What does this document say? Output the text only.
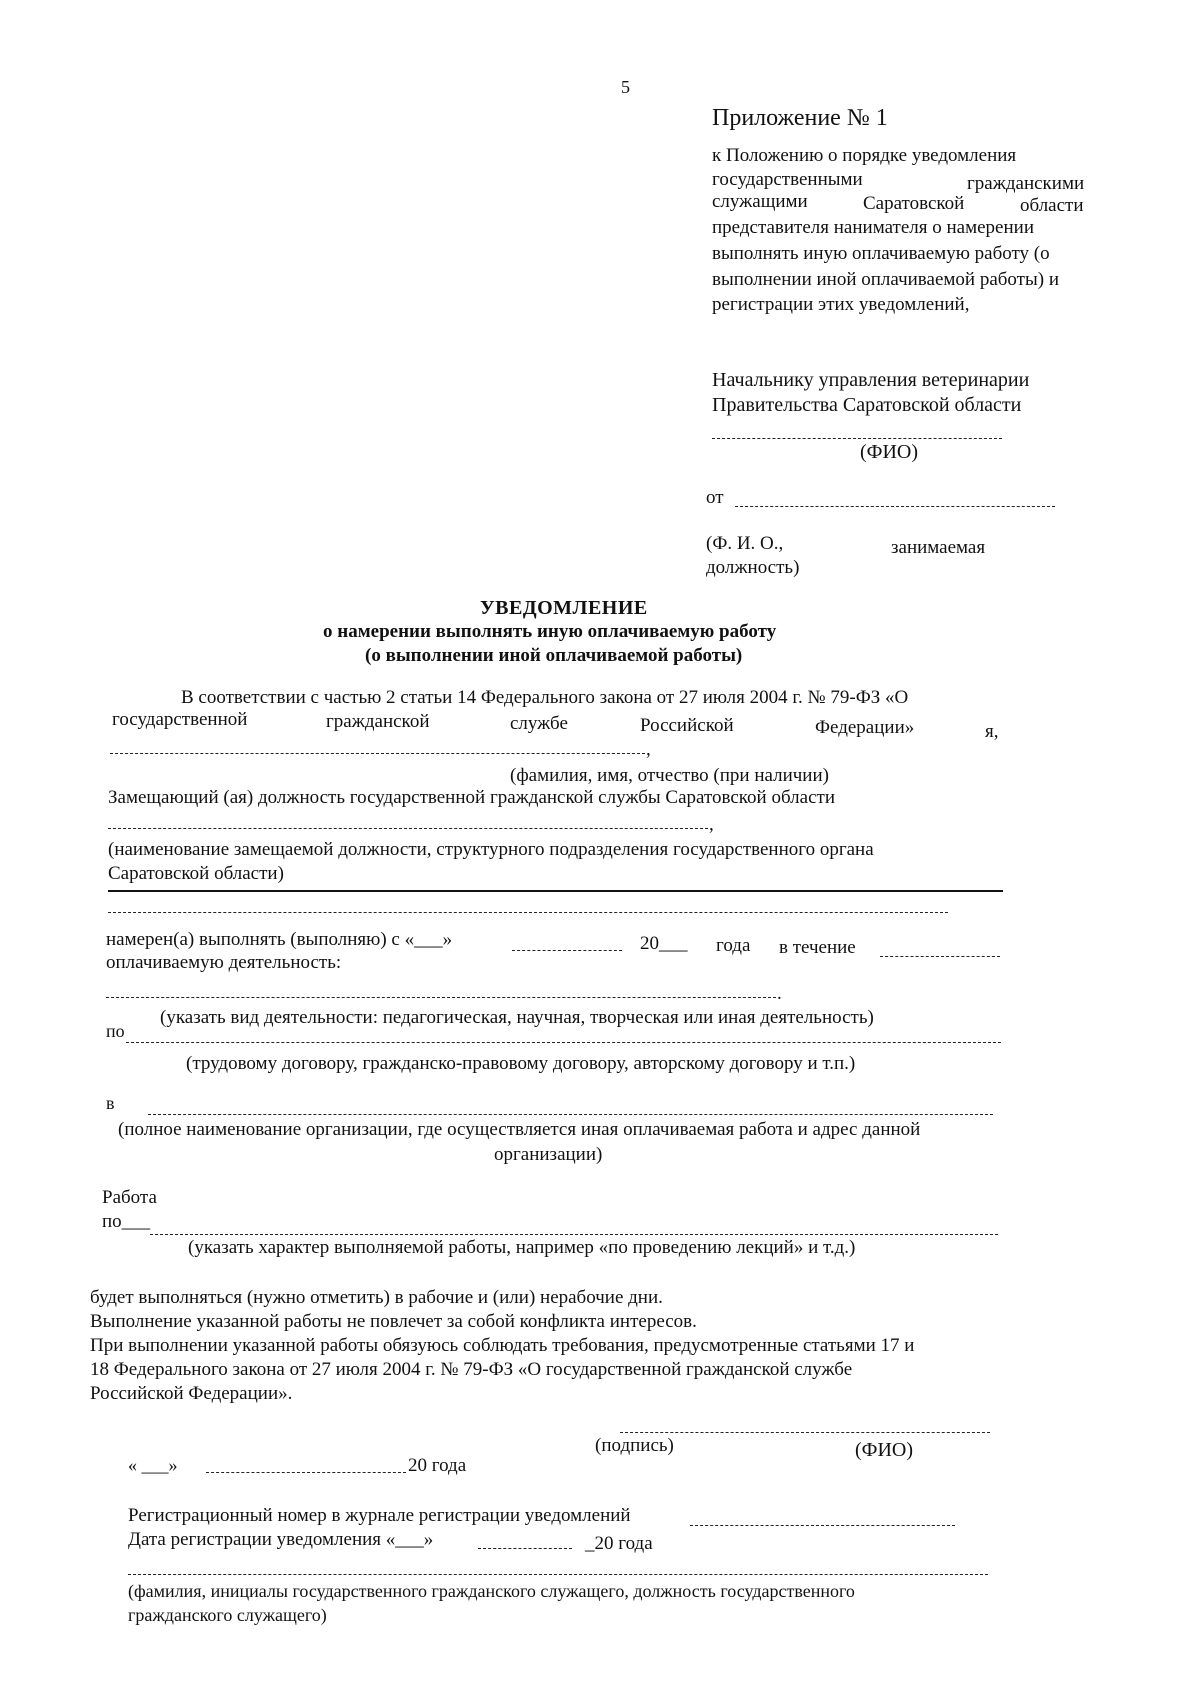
5
Приложение № 1
к Положению о порядке уведомления
государственными	гражданскими
служащими	Саратовской	области
представителя нанимателя о намерении
выполнять иную оплачиваемую работу (о
выполнении иной оплачиваемой работы) и
регистрации этих уведомлений,
Начальнику управления ветеринарии
Правительства Саратовской области
(ФИО)
от
(Ф. И. О.,	занимаемая
должность)
УВЕДОМЛЕНИЕ
о намерении выполнять иную оплачиваемую работу
(о выполнении иной оплачиваемой работы)
В соответствии с частью 2 статьи 14 Федерального закона от 27 июля 2004 г. № 79-ФЗ «О
государственной	гражданской	службе	Российской	Федерации»	я,
,
(фамилия, имя, отчество (при наличии)
Замещающий (ая) должность государственной гражданской службы Саратовской области
,
(наименование замещаемой должности, структурного подразделения государственного органа
Саратовской области)
намерен(а) выполнять (выполняю) с «___»	20___ года в течение
оплачиваемую деятельность:
.
(указать вид деятельности: педагогическая, научная, творческая или иная деятельность)
по
(трудовому договору, гражданско-правовому договору, авторскому договору и т.п.)
в
(полное наименование организации, где осуществляется иная оплачиваемая работа и адрес данной
организации)
Работа
по___
(указать характер выполняемой работы, например «по проведению лекций» и т.д.)
будет выполняться (нужно отметить) в рабочие и (или) нерабочие дни.
Выполнение указанной работы не повлечет за собой конфликта интересов.
При выполнении указанной работы обязуюсь соблюдать требования, предусмотренные статьями 17 и
18 Федерального закона от 27 июля 2004 г. № 79-ФЗ «О государственной гражданской службе
Российской Федерации».
(подпись)	(ФИО)
« ___»	20 года
Регистрационный номер в журнале регистрации уведомлений
Дата регистрации уведомления «___»	_20 года
(фамилия, инициалы государственного гражданского служащего, должность государственного
гражданского служащего)
